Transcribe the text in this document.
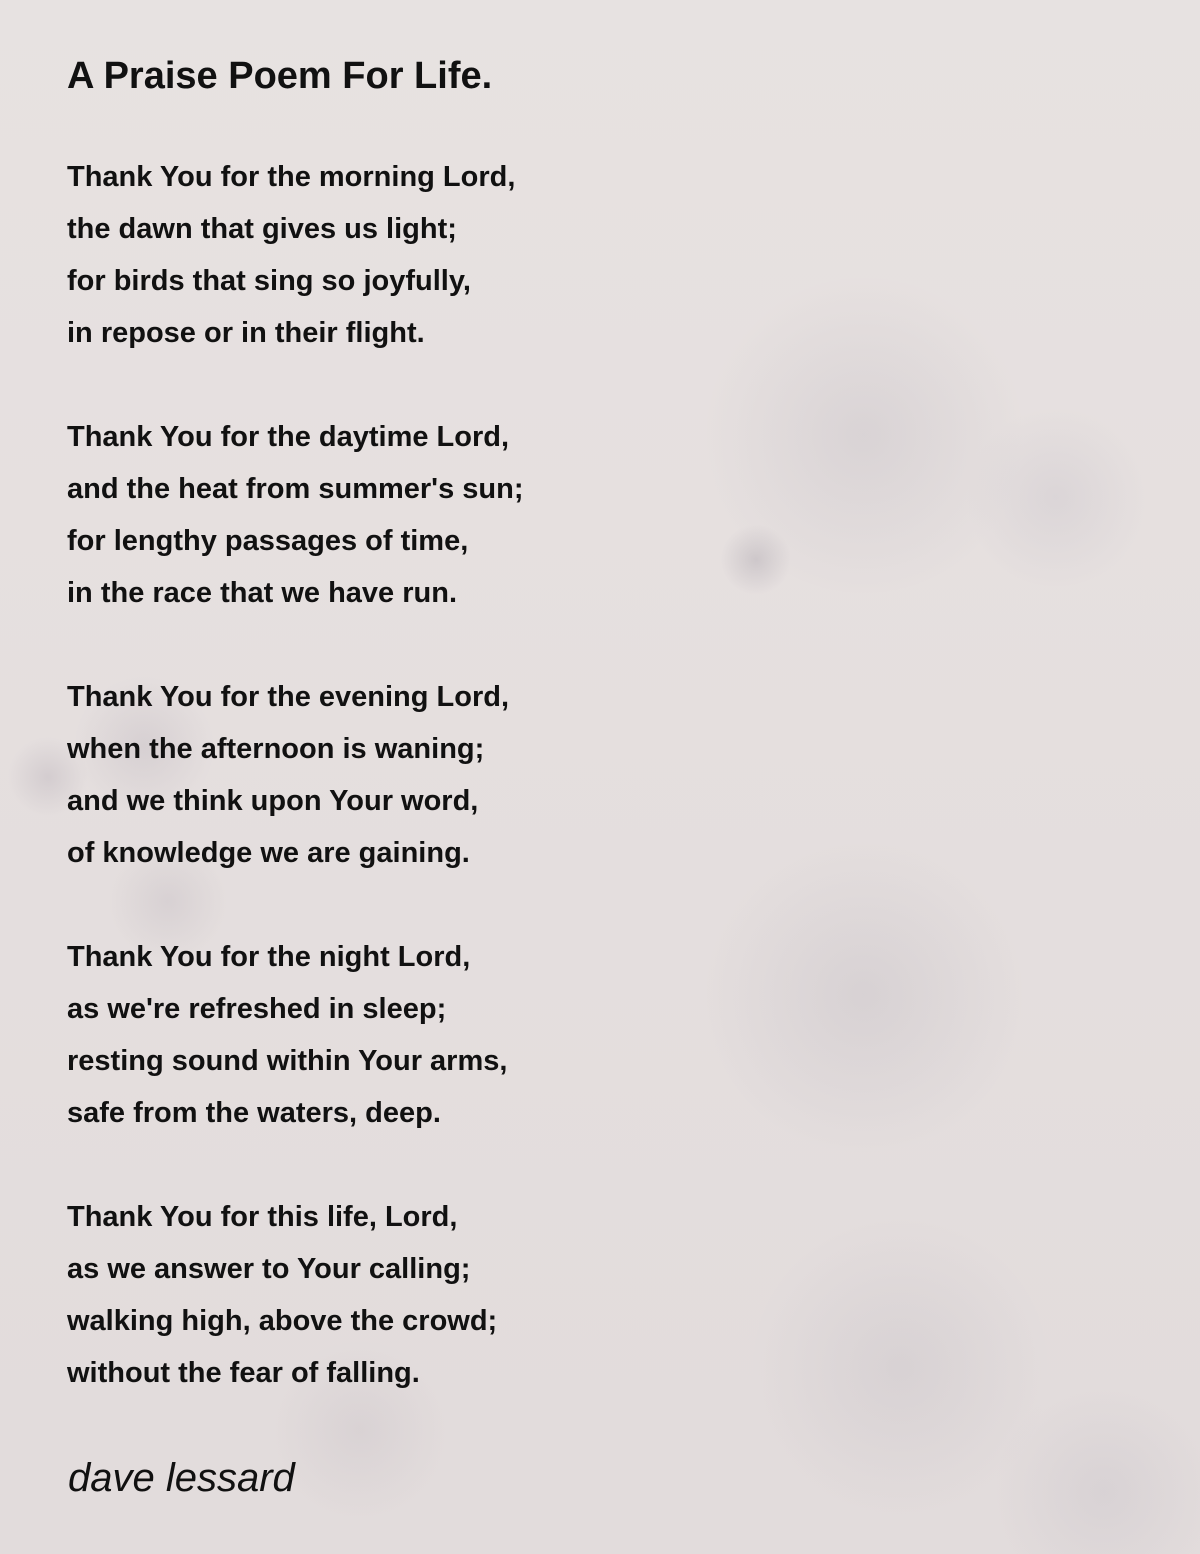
A Praise Poem For Life.
Thank You for the morning Lord,
the dawn that gives us light;
for birds that sing so joyfully,
in repose or in their flight.
Thank You for the daytime Lord,
and the heat from summer's sun;
for lengthy passages of time,
in the race that we have run.
Thank You for the evening Lord,
when the afternoon is waning;
and we think upon Your word,
of knowledge we are gaining.
Thank You for the night Lord,
as we're refreshed in sleep;
resting sound within Your arms,
safe from the waters, deep.
Thank You for this life, Lord,
as we answer to Your calling;
walking high, above the crowd;
without the fear of falling.
dave lessard
